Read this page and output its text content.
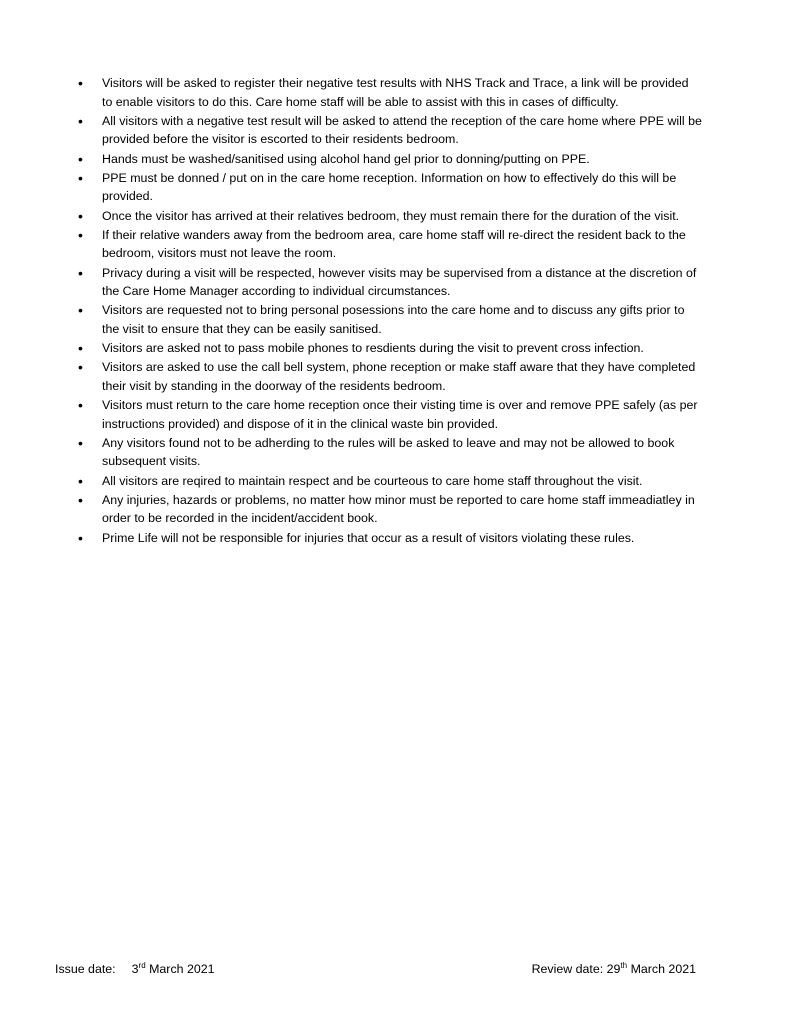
• Visitors will be asked to register their negative test results with NHS Track and Trace, a link will be provided to enable visitors to do this. Care home staff will be able to assist with this in cases of difficulty.
• All visitors with a negative test result will be asked to attend the reception of the care home where PPE will be provided before the visitor is escorted to their residents bedroom.
• Hands must be washed/sanitised using alcohol hand gel prior to donning/putting on PPE.
• PPE must be donned / put on in the care home reception. Information on how to effectively do this will be provided.
• Once the visitor has arrived at their relatives bedroom, they must remain there for the duration of the visit.
• If their relative wanders away from the bedroom area, care home staff will re-direct the resident back to the bedroom, visitors must not leave the room.
• Privacy during a visit will be respected, however visits may be supervised from a distance at the discretion of the Care Home Manager according to individual circumstances.
• Visitors are requested not to bring personal posessions into the care home and to discuss any gifts prior to the visit to ensure that they can be easily sanitised.
• Visitors are asked not to pass mobile phones to resdients during the visit to prevent cross infection.
• Visitors are asked to use the call bell system, phone reception or make staff aware that they have completed their visit by standing in the doorway of the residents bedroom.
• Visitors must return to the care home reception once their visting time is over and remove PPE safely (as per instructions provided) and dispose of it in the clinical waste bin provided.
• Any visitors found not to be adherding to the rules will be asked to leave and may not be allowed to book subsequent visits.
• All visitors are reqired to maintain respect and be courteous to care home staff throughout the visit.
• Any injuries, hazards or problems, no matter how minor must be reported to care home staff immeadiatley in order to be recorded in the incident/accident book.
• Prime Life will not be responsible for injuries that occur as a result of visitors violating these rules.
Issue date: 3rd March 2021	Review date: 29th March 2021
